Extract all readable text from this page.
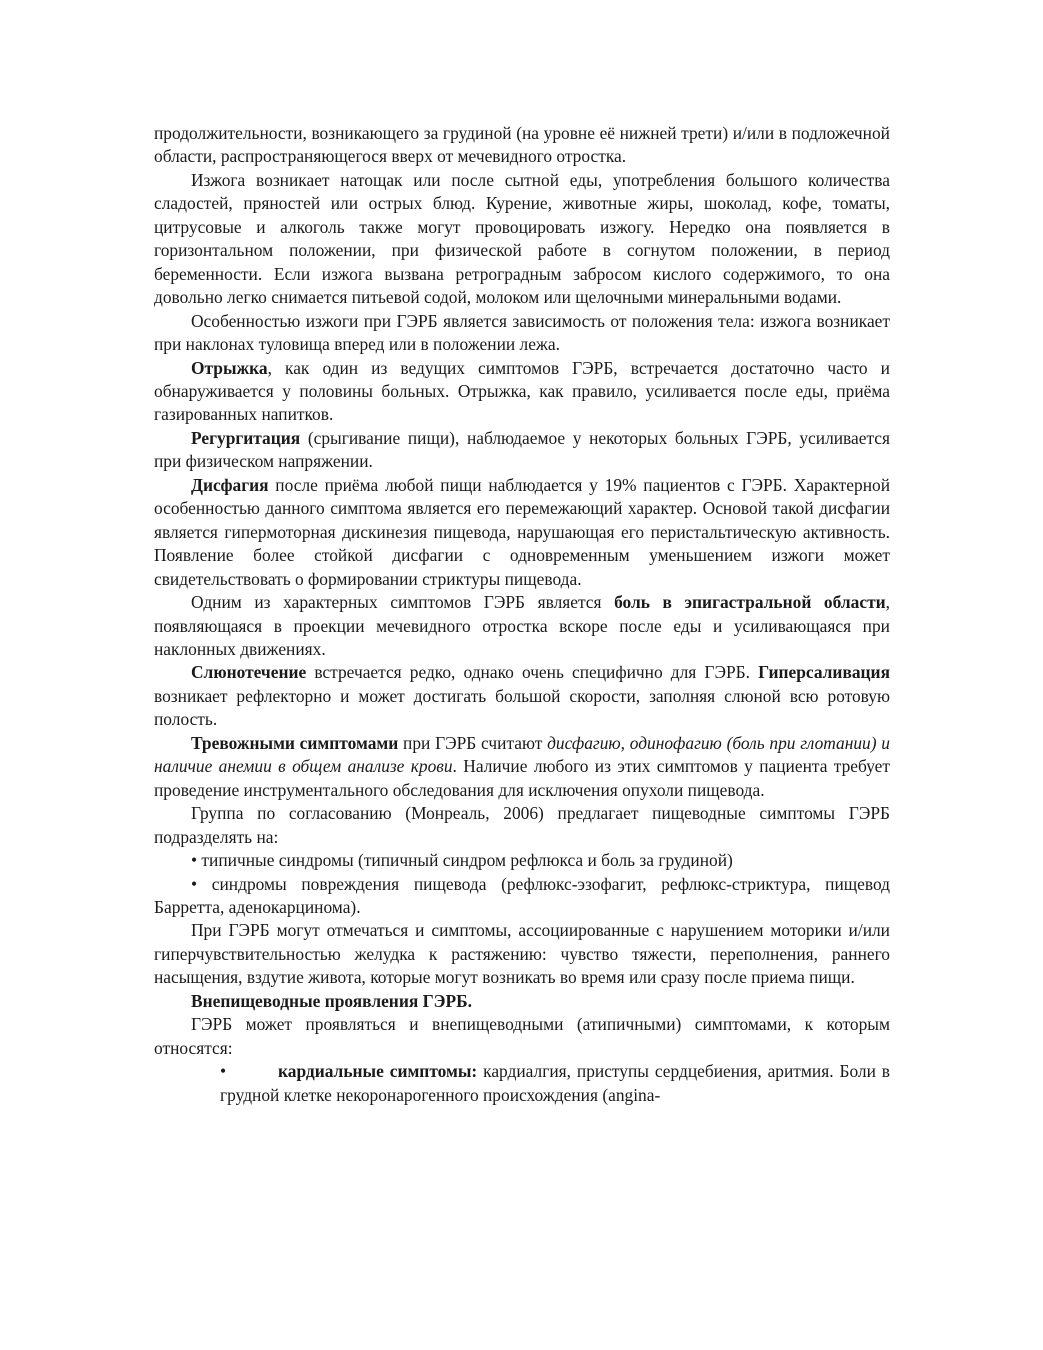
продолжительности, возникающего за грудиной (на уровне её нижней трети) и/или в подложечной области, распространяющегося вверх от мечевидного отростка.

Изжога возникает натощак или после сытной еды, употребления большого количества сладостей, пряностей или острых блюд. Курение, животные жиры, шоколад, кофе, томаты, цитрусовые и алкоголь также могут провоцировать изжогу. Нередко она появляется в горизонтальном положении, при физической работе в согнутом положении, в период беременности. Если изжога вызвана ретроградным забросом кислого содержимого, то она довольно легко снимается питьевой содой, молоком или щелочными минеральными водами.

Особенностью изжоги при ГЭРБ является зависимость от положения тела: изжога возникает при наклонах туловища вперед или в положении лежа.

Отрыжка, как один из ведущих симптомов ГЭРБ, встречается достаточно часто и обнаруживается у половины больных. Отрыжка, как правило, усиливается после еды, приёма газированных напитков.

Регургитация (срыгивание пищи), наблюдаемое у некоторых больных ГЭРБ, усиливается при физическом напряжении.

Дисфагия после приёма любой пищи наблюдается у 19% пациентов с ГЭРБ. Характерной особенностью данного симптома является его перемежающий характер. Основой такой дисфагии является гипермоторная дискинезия пищевода, нарушающая его перистальтическую активность. Появление более стойкой дисфагии с одновременным уменьшением изжоги может свидетельствовать о формировании стриктуры пищевода.

Одним из характерных симптомов ГЭРБ является боль в эпигастральной области, появляющаяся в проекции мечевидного отростка вскоре после еды и усиливающаяся при наклонных движениях.

Слюнотечение встречается редко, однако очень специфично для ГЭРБ. Гиперсаливация возникает рефлекторно и может достигать большой скорости, заполняя слюной всю ротовую полость.

Тревожными симптомами при ГЭРБ считают дисфагию, одинофагию (боль при глотании) и наличие анемии в общем анализе крови. Наличие любого из этих симптомов у пациента требует проведение инструментального обследования для исключения опухоли пищевода.

Группа по согласованию (Монреаль, 2006) предлагает пищеводные симптомы ГЭРБ подразделять на:

• типичные синдромы (типичный синдром рефлюкса и боль за грудиной)

• синдромы повреждения пищевода (рефлюкс-эзофагит, рефлюкс-стриктура, пищевод Барретта, аденокарцинома).

При ГЭРБ могут отмечаться и симптомы, ассоциированные с нарушением моторики и/или гиперчувствительностью желудка к растяжению: чувство тяжести, переполнения, раннего насыщения, вздутие живота, которые могут возникать во время или сразу после приема пищи.

Внепищеводные проявления ГЭРБ.

ГЭРБ может проявляться и внепищеводными (атипичными) симптомами, к которым относятся:

•	кардиальные симптомы: кардиалгия, приступы сердцебиения, аритмия. Боли в грудной клетке некоронарогенного происхождения (angina-
